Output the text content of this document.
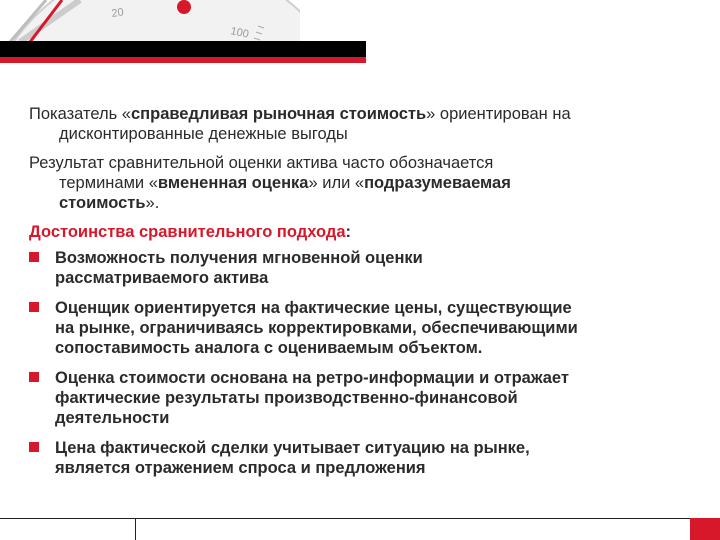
20
100

Показатель «справедливая рыночная стоимость» ориентирован на
дисконтированные денежные выгоды

Результат сравнительной оценки актива часто обозначается
терминами «вмененная оценка» или «подразумеваемая
стоимость».

Достоинства сравнительного подхода:
Возможность получения мгновенной оценки
рассматриваемого актива
Оценщик ориентируется на фактические цены, существующие
на рынке, ограничиваясь корректировками, обеспечивающими
сопоставимость аналога с оцениваемым объектом.
Оценка стоимости основана на ретро-информации и отражает
фактические результаты производственно-финансовой
деятельности
Цена фактической сделки учитывает ситуацию на рынке,
является отражением спроса и предложения
